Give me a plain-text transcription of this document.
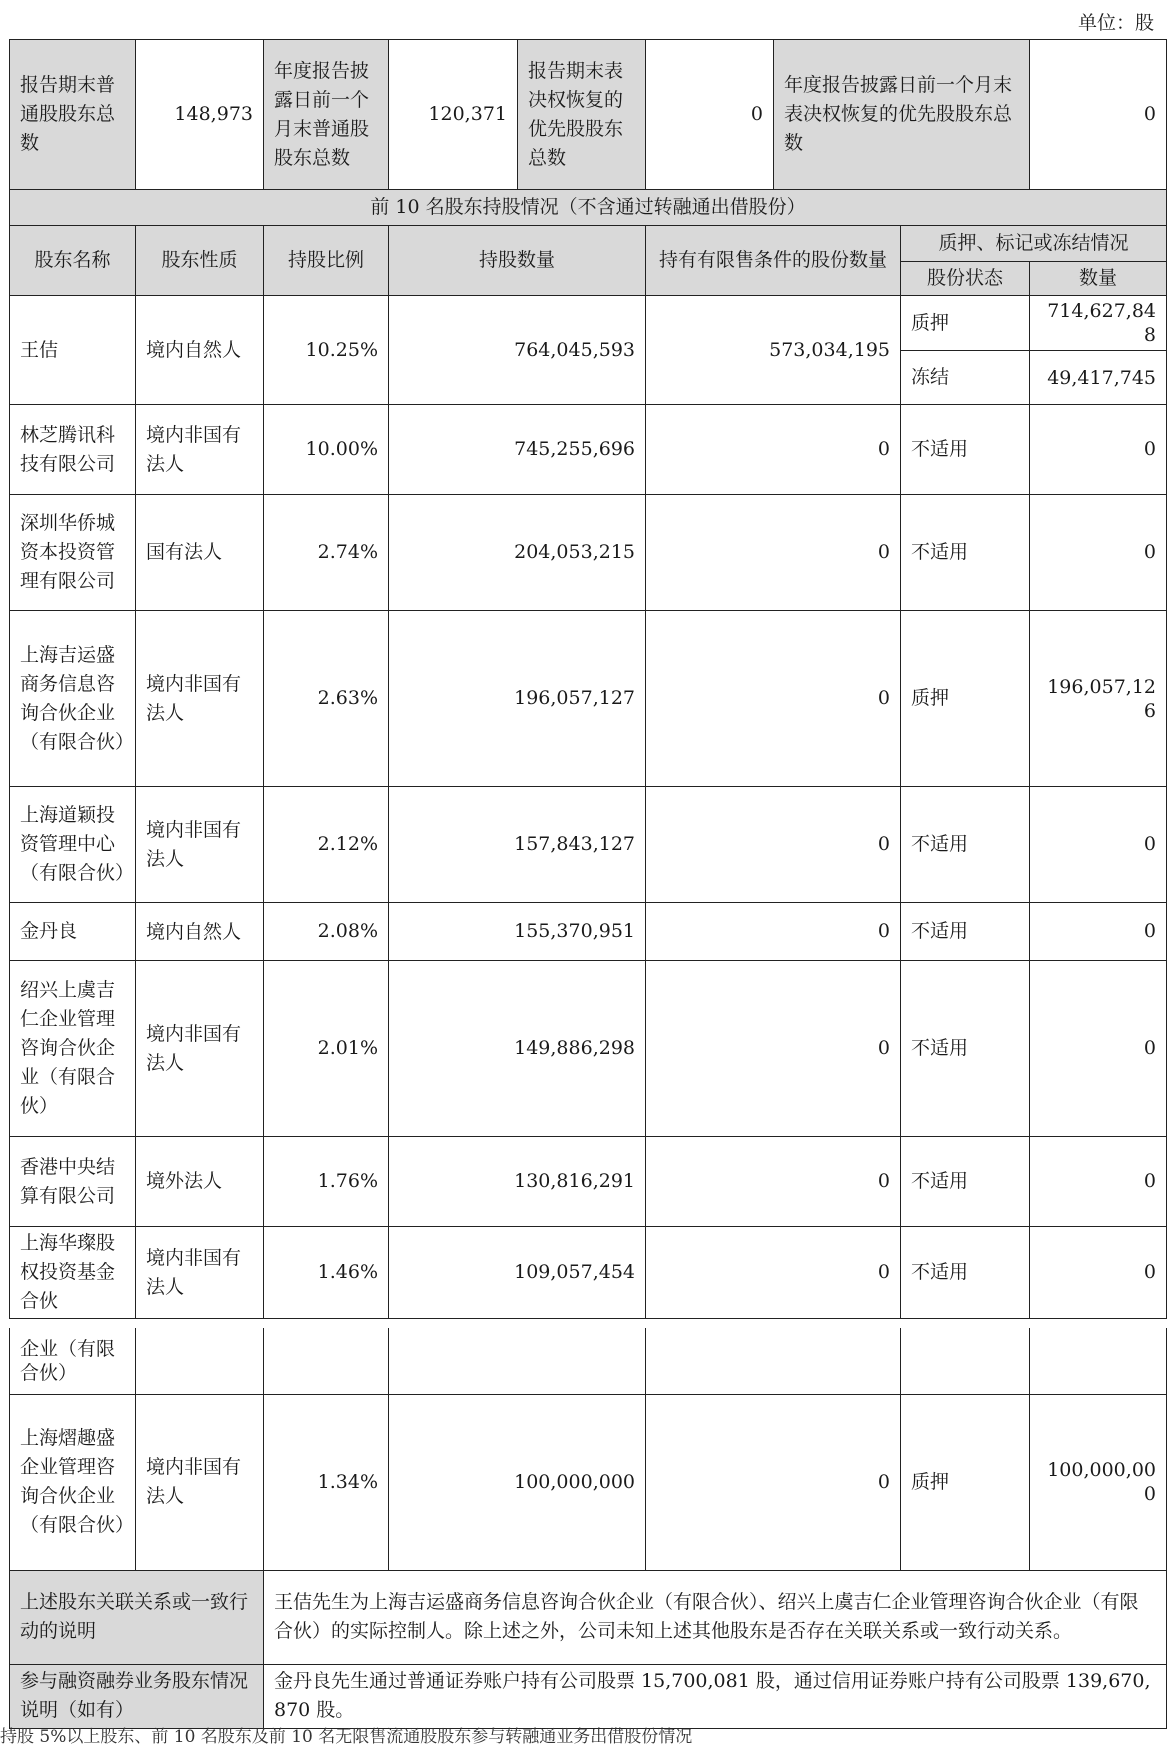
单位：股
报告期末普通股股东总数	148,973	年度报告披露日前一个月末普通股股东总数	120,371	报告期末表决权恢复的优先股股东总数	0	年度报告披露日前一个月末表决权恢复的优先股股东总数		0
前 10 名股东持股情况（不含通过转融通出借股份）								
股东名称	股东性质	持股比例	持股数量		持有有限售条件的股份数量		质押、标记或冻结情况	
							股份状态	数量
王佶	境内自然人	10.25%	764,045,593		573,034,195		质押	714,627,848
							冻结	49,417,745
林芝腾讯科技有限公司	境内非国有法人	10.00%	745,255,696		0		不适用	0
深圳华侨城资本投资管理有限公司	国有法人	2.74%	204,053,215		0		不适用	0
上海吉运盛商务信息咨询合伙企业（有限合伙）	境内非国有法人	2.63%	196,057,127		0		质押	196,057,126
上海道颖投资管理中心（有限合伙）	境内非国有法人	2.12%	157,843,127		0		不适用	0
金丹良	境内自然人	2.08%	155,370,951		0		不适用	0
绍兴上虞吉仁企业管理咨询合伙企业（有限合伙）	境内非国有法人	2.01%	149,886,298		0		不适用	0
香港中央结算有限公司	境外法人	1.76%	130,816,291		0		不适用	0
上海华璨股权投资基金合伙	境内非国有法人	1.46%	109,057,454		0		不适用	0
企业（有限合伙）						
上海熠趣盛企业管理咨询合伙企业（有限合伙）	境内非国有法人	1.34%	100,000,000	0	质押	100,000,000
上述股东关联关系或一致行动的说明		王佶先生为上海吉运盛商务信息咨询合伙企业（有限合伙）、绍兴上虞吉仁企业管理咨询合伙企业（有限合伙）的实际控制人。除上述之外，公司未知上述其他股东是否存在关联关系或一致行动关系。				
参与融资融券业务股东情况说明（如有）		金丹良先生通过普通证券账户持有公司股票 15,700,081 股，通过信用证券账户持有公司股票 139,670,870 股。				
持股 5%以上股东、前 10 名股东及前 10 名无限售流通股股东参与转融通业务出借股份情况
